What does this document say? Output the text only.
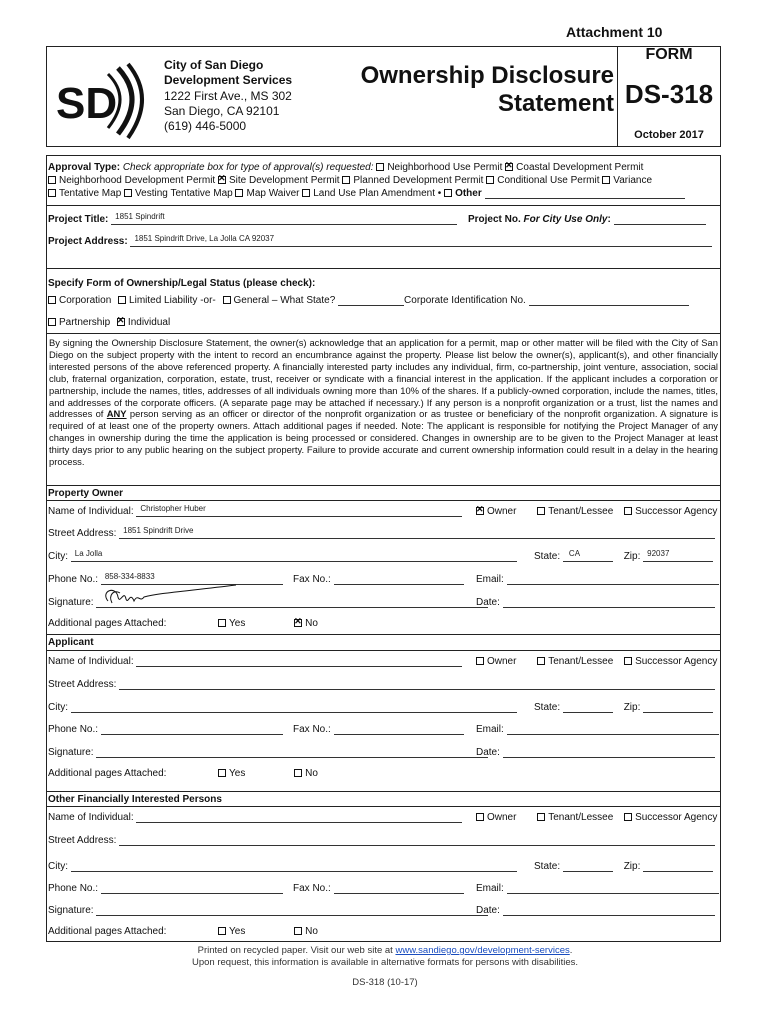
Attachment 10
SD
City of San Diego
Development Services
1222 First Ave., MS 302
San Diego, CA 92101
(619) 446-5000
Ownership Disclosure
Statement
FORM
DS-318
October 2017
Approval Type: Check appropriate box for type of approval(s) requested: Neighborhood Use Permit ✕ Coastal Development Permit
Neighborhood Development Permit ✕ Site Development Permit Planned Development Permit Conditional Use Permit Variance
Tentative Map Vesting Tentative Map Map Waiver Land Use Plan Amendment • Other
Project Title: 1851 Spindrift	Project No. For City Use Only:
Project Address: 1851 Spindrift Drive, La Jolla CA 92037
Specify Form of Ownership/Legal Status (please check):
Corporation Limited Liability -or- General – What State?	Corporate Identification No.
Partnership ✕ Individual
By signing the Ownership Disclosure Statement, the owner(s) acknowledge that an application for a permit, map or other matter will be filed with the City of San Diego on the subject property with the intent to record an encumbrance against the property. Please list below the owner(s), applicant(s), and other financially interested persons of the above referenced property. A financially interested party includes any individual, firm, co-partnership, joint venture, association, social club, fraternal organization, corporation, estate, trust, receiver or syndicate with a financial interest in the application. If the applicant includes a corporation or partnership, include the names, titles, addresses of all individuals owning more than 10% of the shares. If a publicly-owned corporation, include the names, titles, and addresses of the corporate officers. (A separate page may be attached if necessary.) If any person is a nonprofit organization or a trust, list the names and addresses of ANY person serving as an officer or director of the nonprofit organization or as trustee or beneficiary of the nonprofit organization. A signature is required of at least one of the property owners. Attach additional pages if needed. Note: The applicant is responsible for notifying the Project Manager of any changes in ownership during the time the application is being processed or considered. Changes in ownership are to be given to the Project Manager at least thirty days prior to any public hearing on the subject property. Failure to provide accurate and current ownership information could result in a delay in the hearing process.
Property Owner
Name of Individual: Christopher Huber ✕	Owner	Tenant/Lessee Successor Agency
Street Address: 1851 Spindrift Drive
City: La Jolla	State: CA	Zip: 92037
Phone No.: 858-334-8833	Fax No.:	Email:
Signature:	Date:
Additional pages Attached:	Yes ✕	No
Applicant
Name of Individual:	Owner	Tenant/Lessee Successor Agency
Street Address:
City:	State:	Zip:
Phone No.:	Fax No.:	Email:
Signature:	Date:
Additional pages Attached:	Yes	No
Other Financially Interested Persons
Name of Individual:	Owner	Tenant/Lessee Successor Agency
Street Address:
City:	State:	Zip:
Phone No.:	Fax No.:	Email:
Signature:	Date:
Additional pages Attached:	Yes	No
Printed on recycled paper. Visit our web site at www.sandiego.gov/development-services.
Upon request, this information is available in alternative formats for persons with disabilities.
DS-318 (10-17)
